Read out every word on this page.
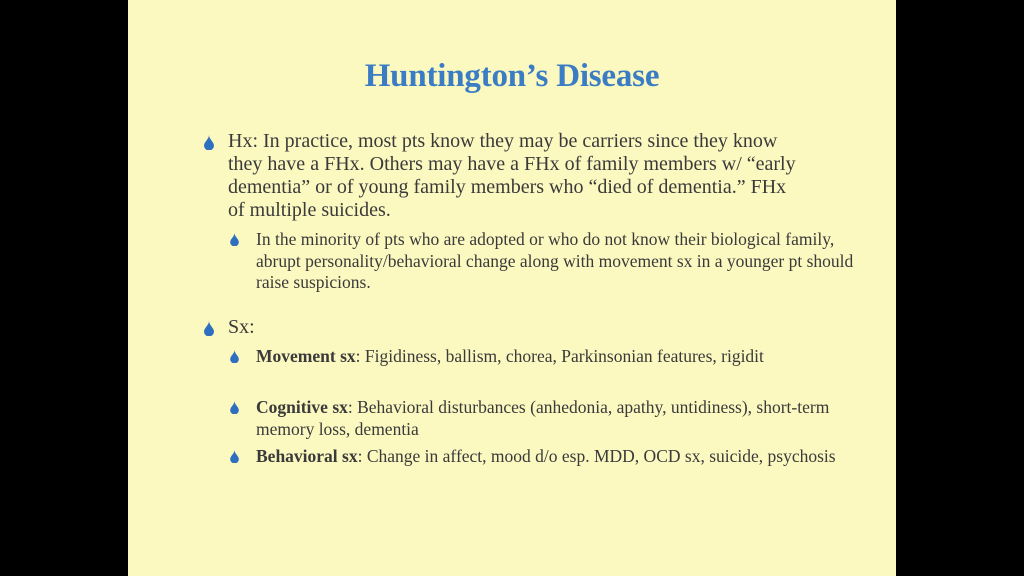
Huntington’s Disease
Hx: In practice, most pts know they may be carriers since they know they have a FHx. Others may have a FHx of family members w/ “early dementia” or of young family members who “died of dementia.” FHx of multiple suicides.
In the minority of pts who are adopted or who do not know their biological family, abrupt personality/behavioral change along with movement sx in a younger pt should raise suspicions.
Sx:
Movement sx: Figidiness, ballism, chorea, Parkinsonian features, rigidit
Cognitive sx: Behavioral disturbances (anhedonia, apathy, untidiness), short-term memory loss, dementia
Behavioral sx: Change in affect, mood d/o esp. MDD, OCD sx, suicide, psychosis
